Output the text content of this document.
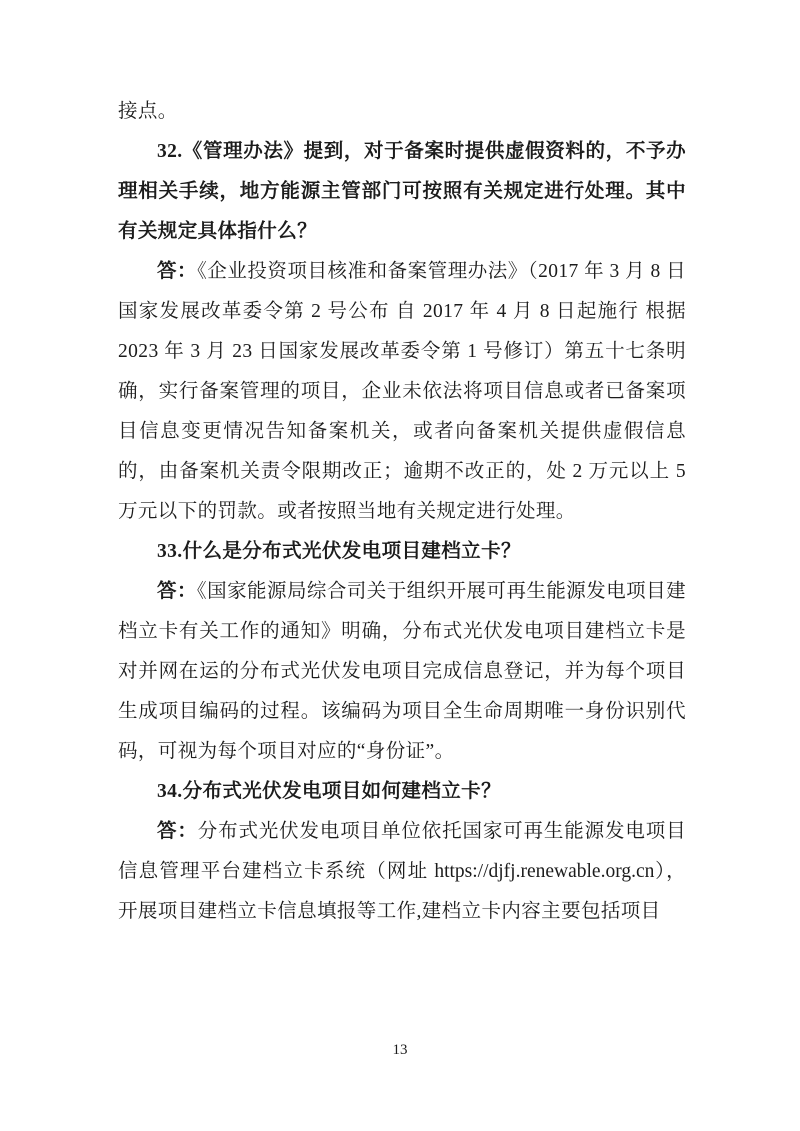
接点。

32.《管理办法》提到，对于备案时提供虚假资料的，不予办理相关手续，地方能源主管部门可按照有关规定进行处理。其中有关规定具体指什么？

答：《企业投资项目核准和备案管理办法》（2017 年 3 月 8 日国家发展改革委令第 2 号公布 自 2017 年 4 月 8 日起施行 根据 2023 年 3 月 23 日国家发展改革委令第 1 号修订）第五十七条明确，实行备案管理的项目，企业未依法将项目信息或者已备案项目信息变更情况告知备案机关，或者向备案机关提供虚假信息的，由备案机关责令限期改正；逾期不改正的，处 2 万元以上 5 万元以下的罚款。或者按照当地有关规定进行处理。

33.什么是分布式光伏发电项目建档立卡？

答：《国家能源局综合司关于组织开展可再生能源发电项目建档立卡有关工作的通知》明确，分布式光伏发电项目建档立卡是对并网在运的分布式光伏发电项目完成信息登记，并为每个项目生成项目编码的过程。该编码为项目全生命周期唯一身份识别代码，可视为每个项目对应的“身份证”。

34.分布式光伏发电项目如何建档立卡？

答：分布式光伏发电项目单位依托国家可再生能源发电项目信息管理平台建档立卡系统（网址 https://djfj.renewable.org.cn），开展项目建档立卡信息填报等工作,建档立卡内容主要包括项目

13
